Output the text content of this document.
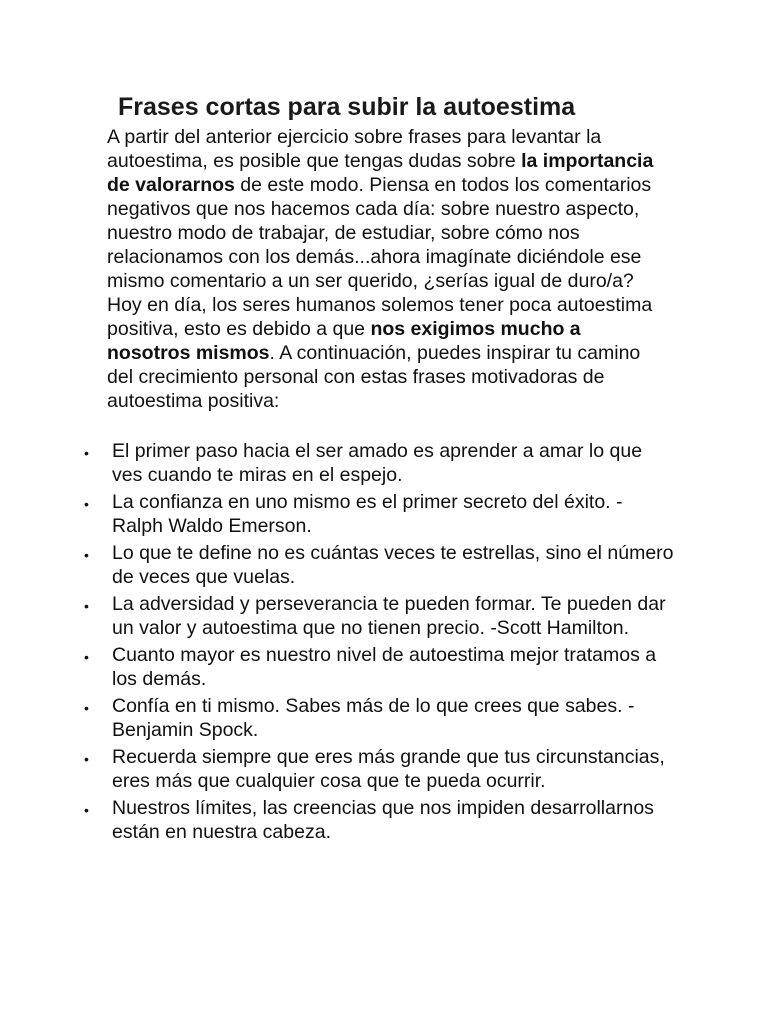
Frases cortas para subir la autoestima

A partir del anterior ejercicio sobre frases para levantar la autoestima, es posible que tengas dudas sobre la importancia de valorarnos de este modo. Piensa en todos los comentarios negativos que nos hacemos cada día: sobre nuestro aspecto, nuestro modo de trabajar, de estudiar, sobre cómo nos relacionamos con los demás...ahora imagínate diciéndole ese mismo comentario a un ser querido, ¿serías igual de duro/a?

Hoy en día, los seres humanos solemos tener poca autoestima positiva, esto es debido a que nos exigimos mucho a nosotros mismos. A continuación, puedes inspirar tu camino del crecimiento personal con estas frases motivadoras de autoestima positiva:

•	El primer paso hacia el ser amado es aprender a amar lo que ves cuando te miras en el espejo.
•	La confianza en uno mismo es el primer secreto del éxito. - Ralph Waldo Emerson.
•	Lo que te define no es cuántas veces te estrellas, sino el número de veces que vuelas.
•	La adversidad y perseverancia te pueden formar. Te pueden dar un valor y autoestima que no tienen precio. -Scott Hamilton.
•	Cuanto mayor es nuestro nivel de autoestima mejor tratamos a los demás.
•	Confía en ti mismo. Sabes más de lo que crees que sabes. - Benjamin Spock.
•	Recuerda siempre que eres más grande que tus circunstancias, eres más que cualquier cosa que te pueda ocurrir.
•	Nuestros límites, las creencias que nos impiden desarrollarnos están en nuestra cabeza.
